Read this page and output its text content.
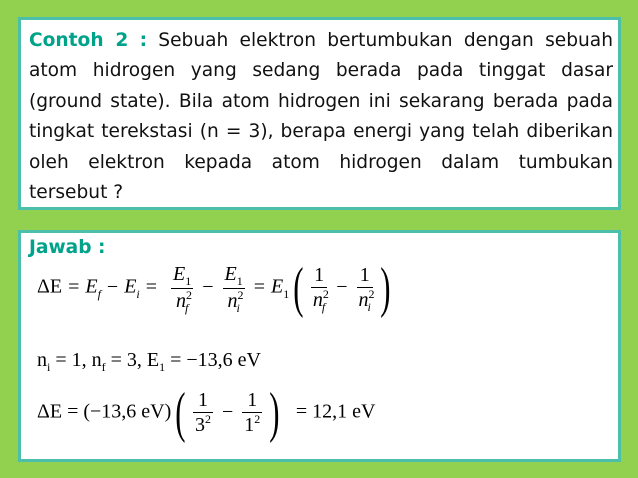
Contoh 2 : Sebuah elektron bertumbukan dengan sebuah atom hidrogen yang sedang berada pada tinggat dasar (ground state). Bila atom hidrogen ini sekarang berada pada tingkat terekstasi (n = 3), berapa energi yang telah diberikan oleh elektron kepada atom hidrogen dalam tumbukan tersebut ?
Jawab :
$\Delta E = E_f - E_i = \frac{E_1}{n^2_f} - \frac{E_1}{n^2_i} = E_1( \frac{1}{n^2_f} - \frac{1}{n^2_i}$ )
$n_i = 1$, $n_f = 3$, $E_1 = -13,6$ eV
ΔE = (−13,6 $eV)( \frac{1}{3^2} - \frac{1}{1^2}$ ) = 12,1 eV
